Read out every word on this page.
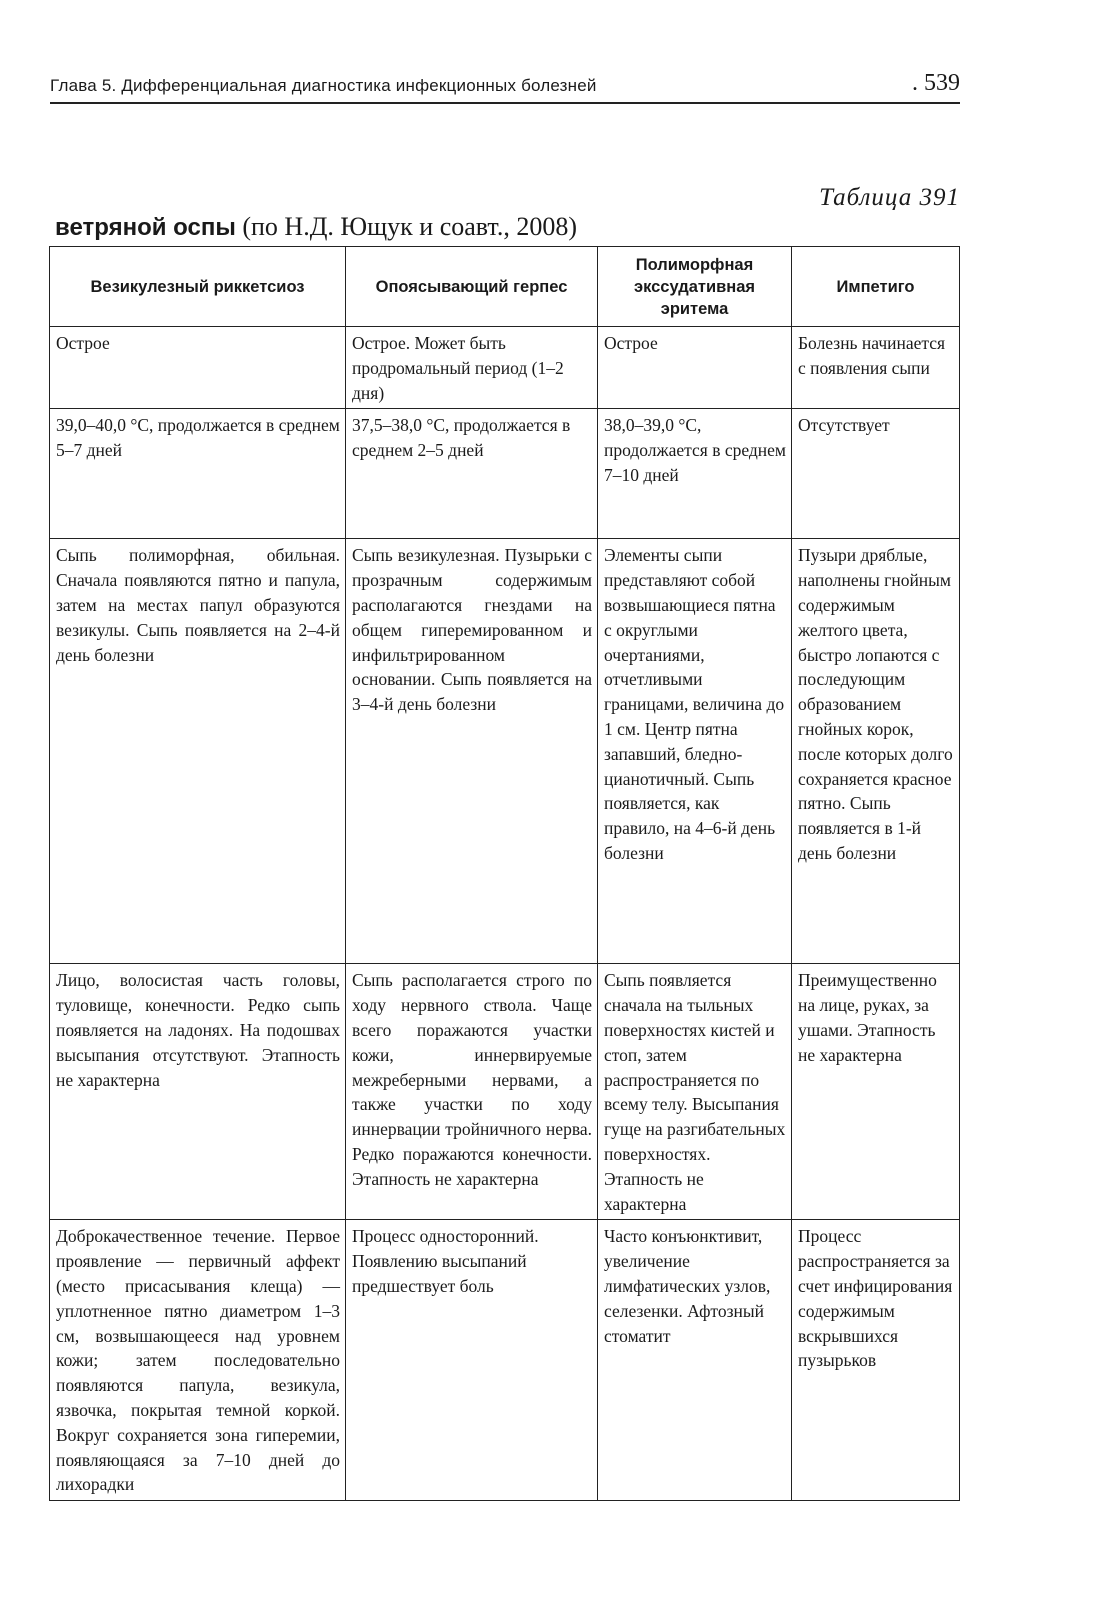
Глава 5. Дифференциальная диагностика инфекционных болезней	. 539
Таблица 391
ветряной оспы (по Н.Д. Ющук и соавт., 2008)
Везикулезный риккетсиоз	Опоясывающий герпес	Полиморфная экссудативная эритема	Импетиго
Острое	Острое. Может быть продромальный период (1–2 дня)	Острое	Болезнь начинается с появления сыпи
39,0–40,0 °С, продолжается в среднем 5–7 дней	37,5–38,0 °С, продолжается в среднем 2–5 дней	38,0–39,0 °С, продолжается в среднем 7–10 дней	Отсутствует
Сыпь полиморфная, обильная. Сначала появляются пятно и папула, затем на местах папул образуются везикулы. Сыпь появляется на 2–4-й день болезни	Сыпь везикулезная. Пузырьки с прозрачным содержимым располагаются гнездами на общем гиперемированном и инфильтрированном основании. Сыпь появляется на 3–4-й день болезни	Элементы сыпи представляют собой возвышающиеся пятна с округлыми очертаниями, отчетливыми границами, величина до 1 см. Центр пятна запавший, бледно-цианотичный. Сыпь появляется, как правило, на 4–6-й день болезни	Пузыри дряблые, наполнены гнойным содержимым желтого цвета, быстро лопаются с последующим образованием гнойных корок, после которых долго сохраняется красное пятно. Сыпь появляется в 1-й день болезни
Лицо, волосистая часть головы, туловище, конечности. Редко сыпь появляется на ладонях. На подошвах высыпания отсутствуют. Этапность не характерна	Сыпь располагается строго по ходу нервного ствола. Чаще всего поражаются участки кожи, иннервируемые межреберными нервами, а также участки по ходу иннервации тройничного нерва. Редко поражаются конечности. Этапность не характерна	Сыпь появляется сначала на тыльных поверхностях кистей и стоп, затем распространяется по всему телу. Высыпания гуще на разгибательных поверхностях. Этапность не характерна	Преимущественно на лице, руках, за ушами. Этапность не характерна
Доброкачественное течение. Первое проявление — первичный аффект (место присасывания клеща) — уплотненное пятно диаметром 1–3 см, возвышающееся над уровнем кожи; затем последовательно появляются папула, везикула, язвочка, покрытая темной коркой. Вокруг сохраняется зона гиперемии, появляющаяся за 7–10 дней до лихорадки	Процесс односторонний. Появлению высыпаний предшествует боль	Часто конъюнктивит, увеличение лимфатических узлов, селезенки. Афтозный стоматит	Процесс распространяется за счет инфицирования содержимым вскрывшихся пузырьков
